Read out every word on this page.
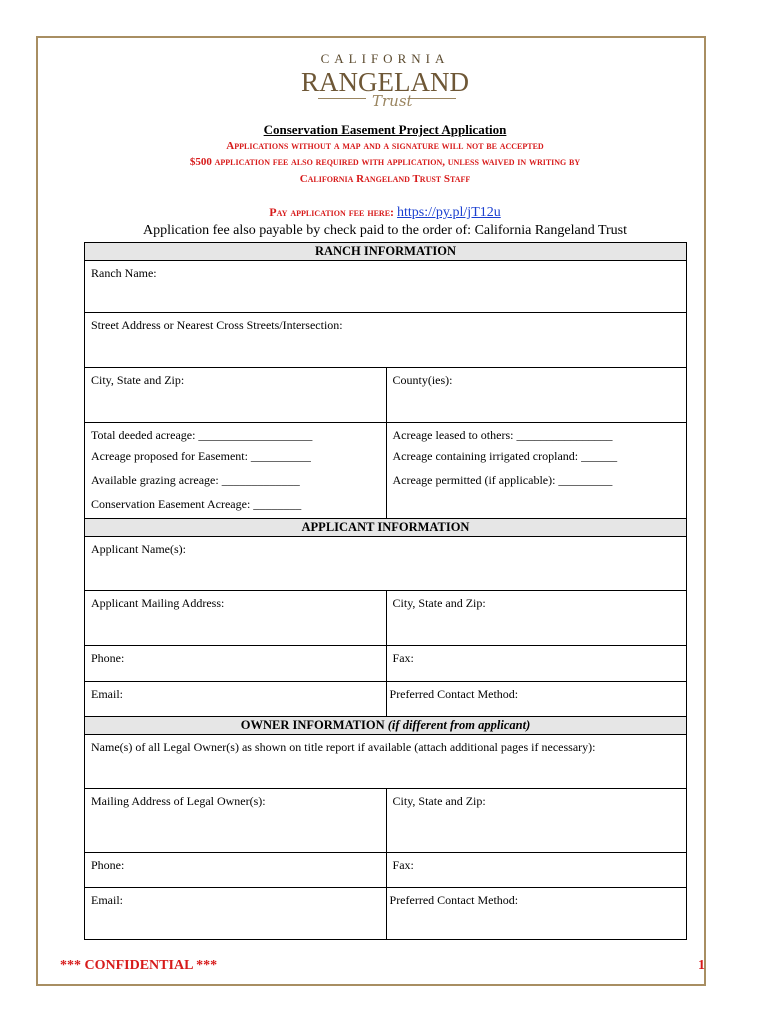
CALIFORNIA
RANGELAND
Trust
Conservation Easement Project Application
Applications without a map and a signature will not be accepted
$500 application fee also required with application, unless waived in writing by
California Rangeland Trust Staff
Pay application fee here: https://py.pl/jT12u
Application fee also payable by check paid to the order of: California Rangeland Trust
RANCH INFORMATION	
Ranch Name:	
Street Address or Nearest Cross Streets/Intersection:	
City, State and Zip:	County(ies):
Total deeded acreage: ___________________	Acreage leased to others: ________________
Acreage proposed for Easement: __________	Acreage containing irrigated cropland: ______
Available grazing acreage: _____________	Acreage permitted (if applicable): _________
Conservation Easement Acreage: ________	
APPLICANT INFORMATION	
Applicant Name(s):	
Applicant Mailing Address:	City, State and Zip:
Phone:	Fax:
Email:	Preferred Contact Method:
OWNER INFORMATION (if different from applicant)	
Name(s) of all Legal Owner(s) as shown on title report if available (attach additional pages if necessary):	
Mailing Address of Legal Owner(s):	City, State and Zip:
Phone:	Fax:
Email:	Preferred Contact Method:
*** CONFIDENTIAL ***	1
